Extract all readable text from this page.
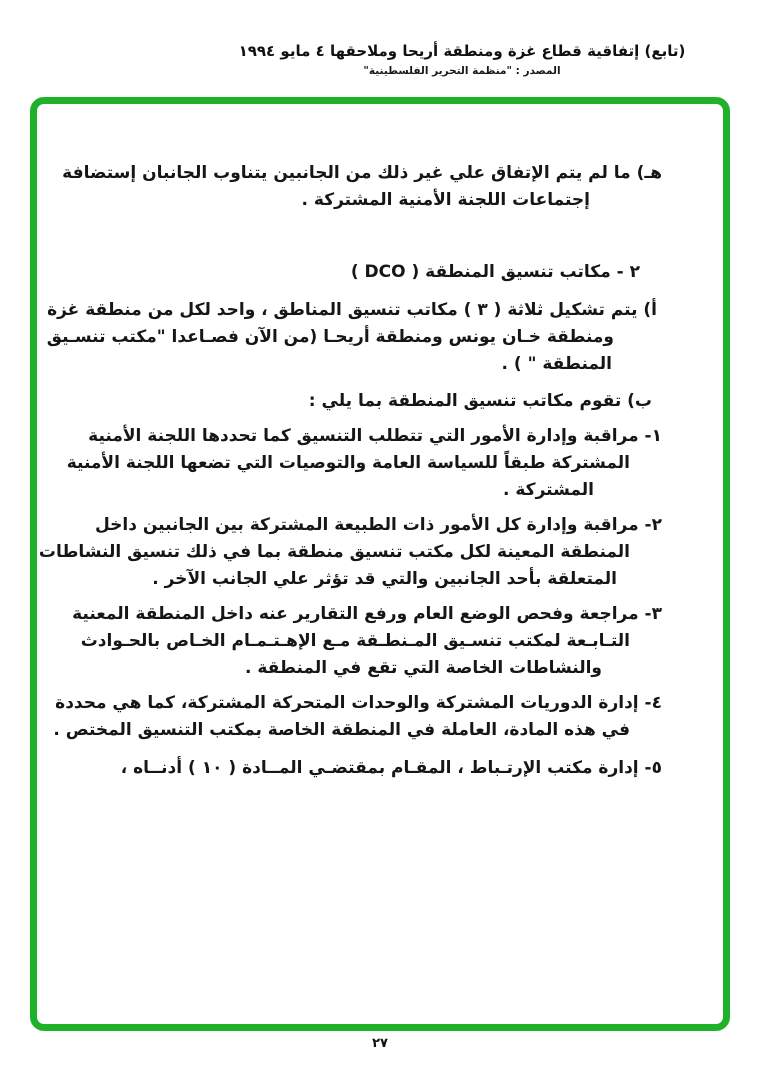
(تابع) إتفاقية قطاع غزة ومنطقة أريحا وملاحقها ٤ مايو ١٩٩٤
المصدر : "منظمة التحرير الفلسطينية"
هـ) ما لم يتم الإتفاق علي غير ذلك من الجانبين يتناوب الجانبان إستضافة
إجتماعات اللجنة الأمنية المشتركة .
٢ - مكاتب تنسيق المنطقة ( DCO )
أ) يتم تشكيل ثلاثة ( ٣ ) مكاتب تنسيق المناطق ، واحد لكل من منطقة غزة
ومنطقة خـان يونس ومنطقة أريحـا (من الآن فصـاعدا "مكتب تنسـيق
المنطقة " ) .
ب) تقوم مكاتب تنسيق المنطقة بما يلي :
١- مراقبة وإدارة الأمور التي تتطلب التنسيق كما تحددها اللجنة الأمنية
المشتركة طبقاً للسياسة العامة والتوصيات التي تضعها اللجنة الأمنية
المشتركة .
٢- مراقبة وإدارة كل الأمور ذات الطبيعة المشتركة بين الجانبين داخل
المنطقة المعينة لكل مكتب تنسيق منطقة بما في ذلك تنسيق النشاطات
المتعلقة بأحد الجانبين والتي قد تؤثر علي الجانب الآخر .
٣- مراجعة وفحص الوضع العام ورفع التقارير عنه داخل المنطقة المعنية
التـابـعة لمكتب تنسـيق المـنطـقة مـع الإهـتـمـام الخـاص بالحـوادث
والنشاطات الخاصة التي تقع في المنطقة .
٤- إدارة الدوريات المشتركة والوحدات المتحركة المشتركة، كما هي محددة
في هذه المادة، العاملة في المنطقة الخاصة بمكتب التنسيق المختص .
٥- إدارة مكتب الإرتـباط ، المقـام بمقتضـي المــادة ( ١٠ ) أدنــاه ،
٢٧
